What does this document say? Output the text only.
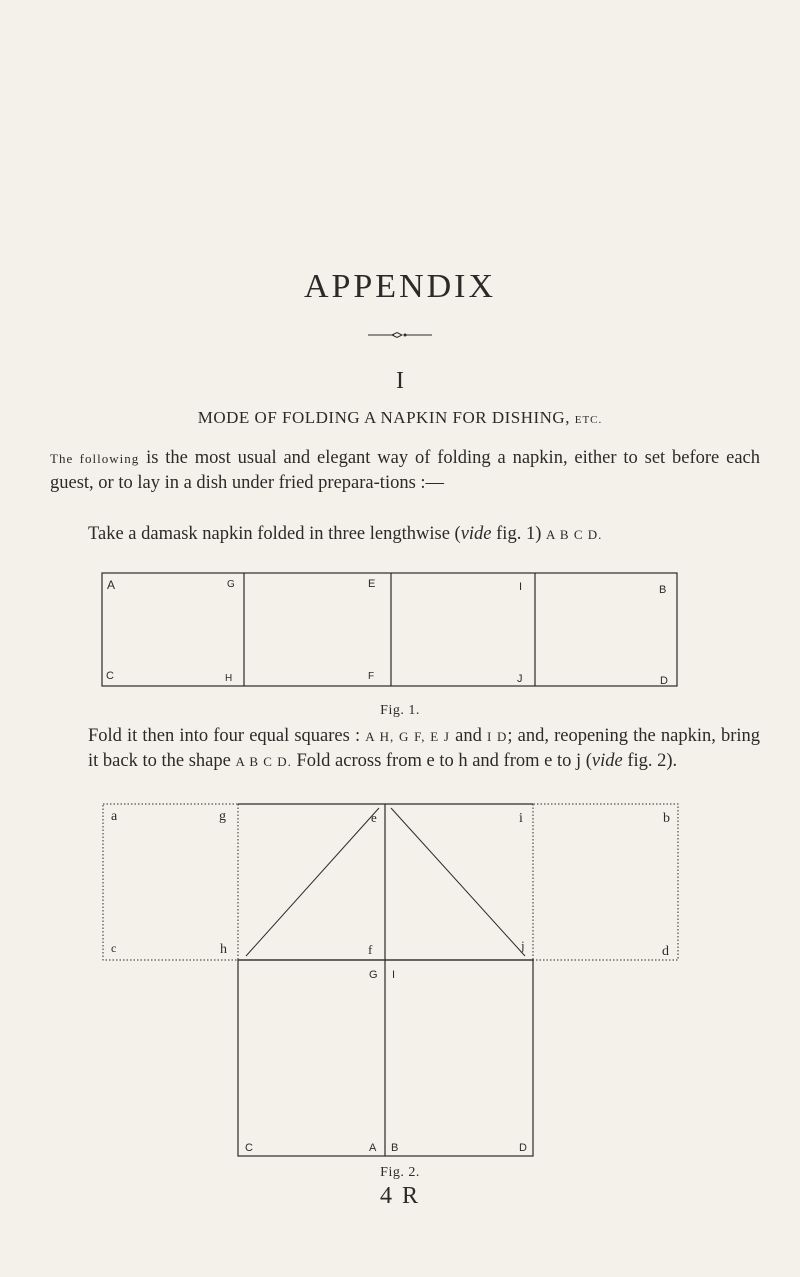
APPENDIX
I
MODE OF FOLDING A NAPKIN FOR DISHING, ETC.
The following is the most usual and elegant way of folding a napkin, either to set before each guest, or to lay in a dish under fried prepara-tions :—
Take a damask napkin folded in three lengthwise (vide fig. 1) A B C D.
A	G	E	I	B
C	H	F	J	D
Fig. 1.
Fold it then into four equal squares : A H, G F, E J and I D; and, reopening the napkin, bring it back to the shape A B C D. Fold across from e to h and from e to j (vide fig. 2).
a	g	e	i	b
c	h	f	j	d
G I
C	A B	D
Fig. 2.
4 R
